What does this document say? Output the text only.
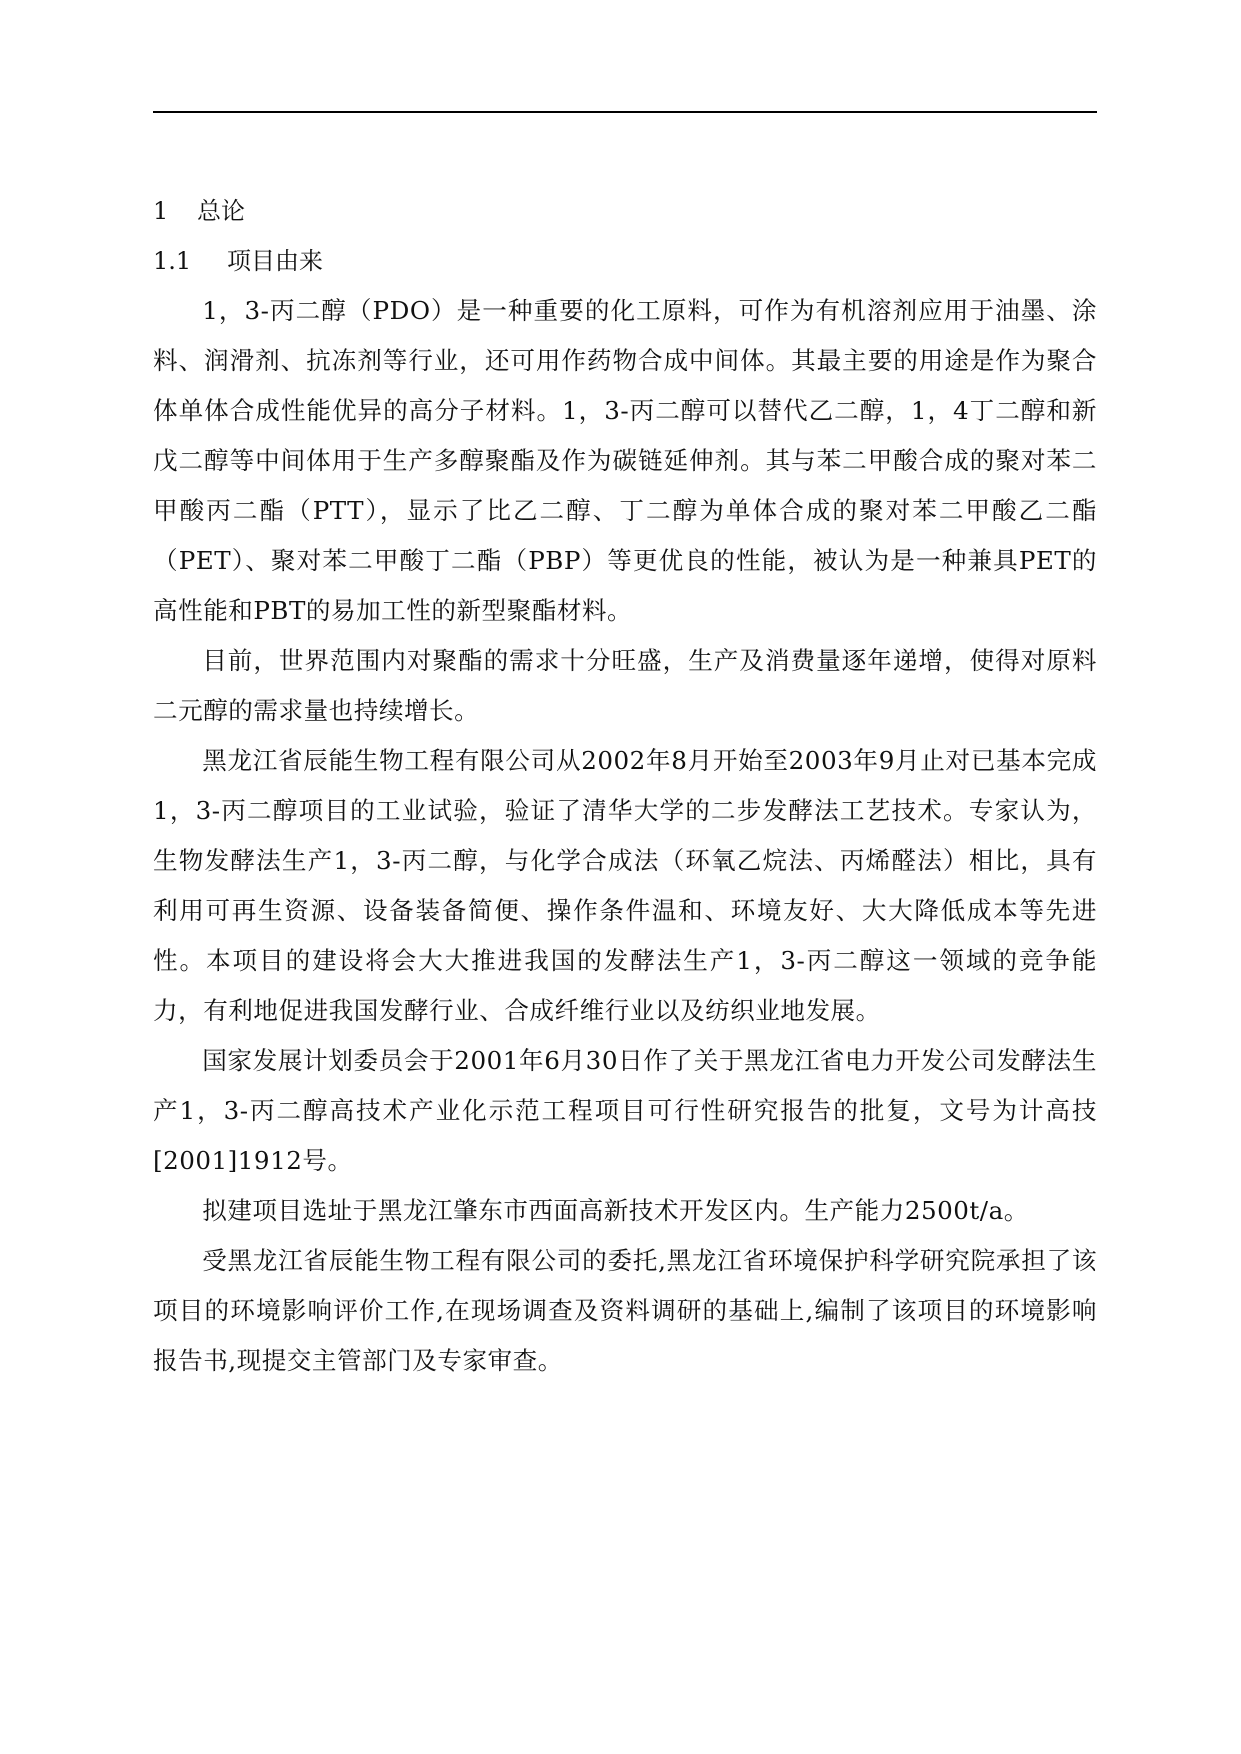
1 总论

1.1 项目由来

1，3-丙二醇（PDO）是一种重要的化工原料，可作为有机溶剂应用于油墨、涂料、润滑剂、抗冻剂等行业，还可用作药物合成中间体。其最主要的用途是作为聚合体单体合成性能优异的高分子材料。1，3-丙二醇可以替代乙二醇，1，4丁二醇和新戊二醇等中间体用于生产多醇聚酯及作为碳链延伸剂。其与苯二甲酸合成的聚对苯二甲酸丙二酯（PTT），显示了比乙二醇、丁二醇为单体合成的聚对苯二甲酸乙二酯（PET）、聚对苯二甲酸丁二酯（PBP）等更优良的性能，被认为是一种兼具PET的高性能和PBT的易加工性的新型聚酯材料。

目前，世界范围内对聚酯的需求十分旺盛，生产及消费量逐年递增，使得对原料二元醇的需求量也持续增长。

黑龙江省辰能生物工程有限公司从2002年8月开始至2003年9月止对已基本完成1，3-丙二醇项目的工业试验，验证了清华大学的二步发酵法工艺技术。专家认为，生物发酵法生产1，3-丙二醇，与化学合成法（环氧乙烷法、丙烯醛法）相比，具有利用可再生资源、设备装备简便、操作条件温和、环境友好、大大降低成本等先进性。本项目的建设将会大大推进我国的发酵法生产1，3-丙二醇这一领域的竞争能力，有利地促进我国发酵行业、合成纤维行业以及纺织业地发展。

国家发展计划委员会于2001年6月30日作了关于黑龙江省电力开发公司发酵法生产1，3-丙二醇高技术产业化示范工程项目可行性研究报告的批复，文号为计高技[2001]1912号。

拟建项目选址于黑龙江肇东市西面高新技术开发区内。生产能力2500t/a。

受黑龙江省辰能生物工程有限公司的委托,黑龙江省环境保护科学研究院承担了该项目的环境影响评价工作,在现场调查及资料调研的基础上,编制了该项目的环境影响报告书,现提交主管部门及专家审查。
